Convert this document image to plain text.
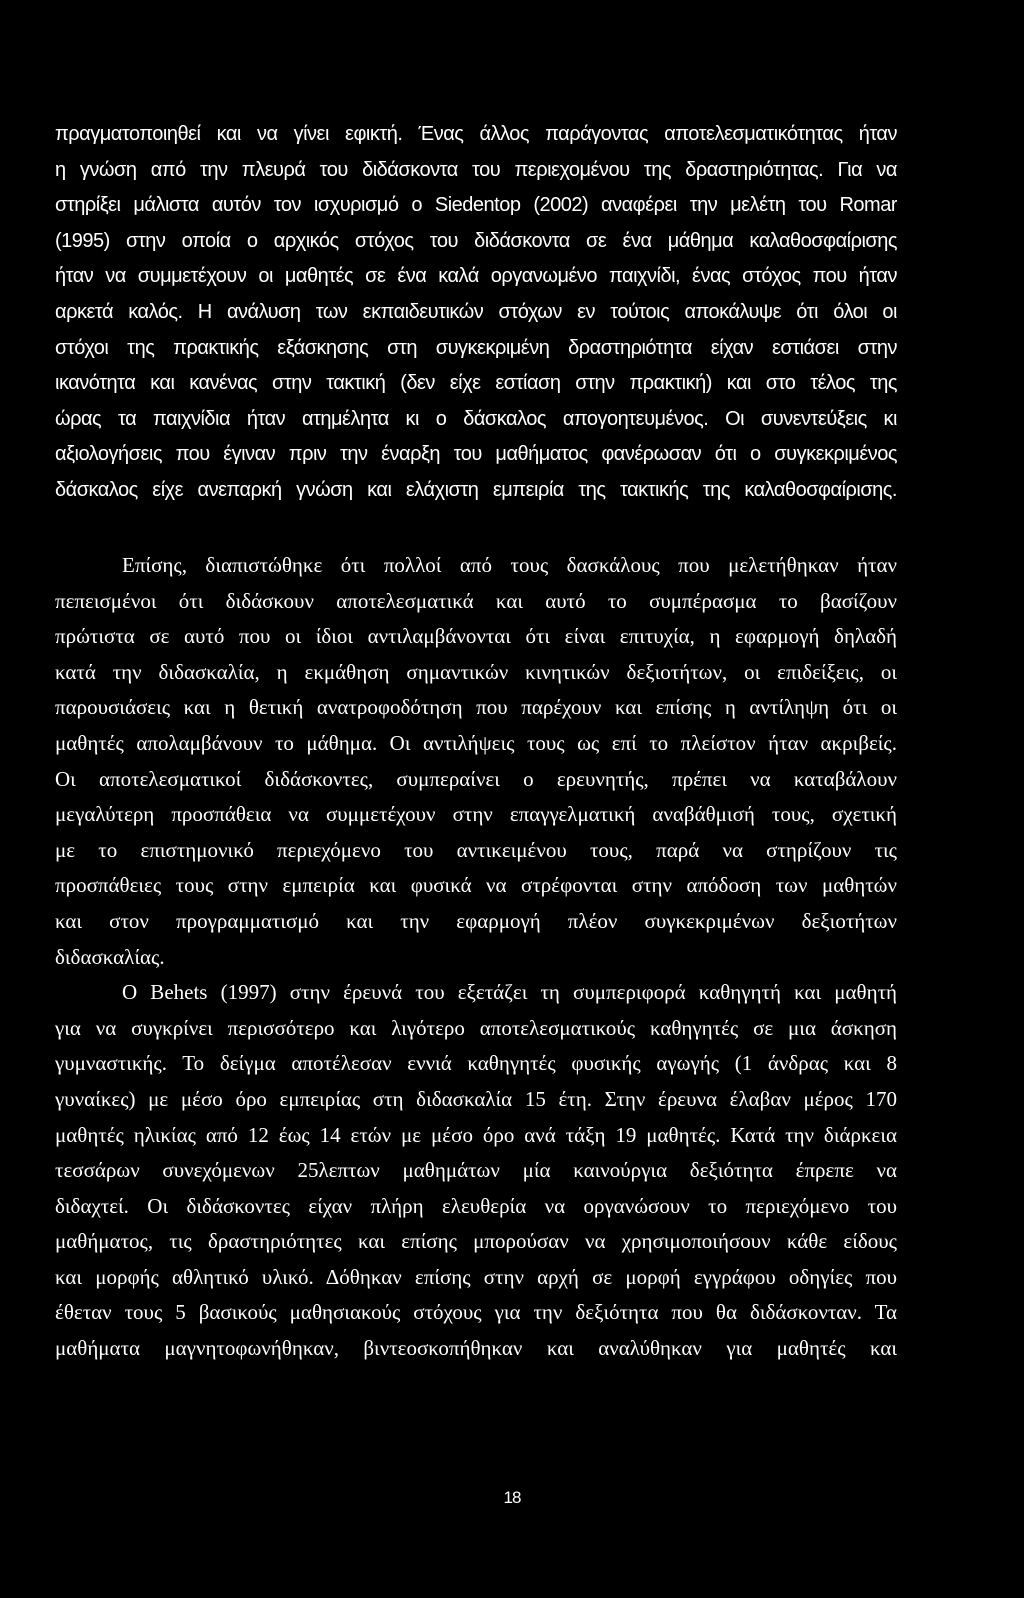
πραγματοποιηθεί και να γίνει εφικτή. Ένας άλλος παράγοντας αποτελεσματικότητας ήταν
η γνώση από την πλευρά του διδάσκοντα του περιεχομένου της δραστηριότητας. Για να
στηρίξει μάλιστα αυτόν τον ισχυρισμό ο Siedentop (2002) αναφέρει την μελέτη του Romar
(1995) στην οποία ο αρχικός στόχος του διδάσκοντα σε ένα μάθημα καλαθοσφαίρισης
ήταν να συμμετέχουν οι μαθητές σε ένα καλά οργανωμένο παιχνίδι, ένας στόχος που ήταν
αρκετά καλός. Η ανάλυση των εκπαιδευτικών στόχων εν τούτοις αποκάλυψε ότι όλοι οι
στόχοι της πρακτικής εξάσκησης στη συγκεκριμένη δραστηριότητα είχαν εστιάσει στην
ικανότητα και κανένας στην τακτική (δεν είχε εστίαση στην πρακτική) και στο τέλος της
ώρας τα παιχνίδια ήταν ατημέλητα κι ο δάσκαλος απογοητευμένος. Οι συνεντεύξεις κι
αξιολογήσεις που έγιναν πριν την έναρξη του μαθήματος φανέρωσαν ότι ο συγκεκριμένος
δάσκαλος είχε ανεπαρκή γνώση και ελάχιστη εμπειρία της τακτικής της καλαθοσφαίρισης.
Επίσης, διαπιστώθηκε ότι πολλοί από τους δασκάλους που μελετήθηκαν ήταν
πεπεισμένοι ότι διδάσκουν αποτελεσματικά και αυτό το συμπέρασμα το βασίζουν
πρώτιστα σε αυτό που οι ίδιοι αντιλαμβάνονται ότι είναι επιτυχία, η εφαρμογή δηλαδή
κατά την διδασκαλία, η εκμάθηση σημαντικών κινητικών δεξιοτήτων, οι επιδείξεις, οι
παρουσιάσεις και η θετική ανατροφοδότηση που παρέχουν και επίσης η αντίληψη ότι οι
μαθητές απολαμβάνουν το μάθημα. Οι αντιλήψεις τους ως επί το πλείστον ήταν ακριβείς.
Οι αποτελεσματικοί διδάσκοντες, συμπεραίνει ο ερευνητής, πρέπει να καταβάλουν
μεγαλύτερη προσπάθεια να συμμετέχουν στην επαγγελματική αναβάθμισή τους, σχετική
με το επιστημονικό περιεχόμενο του αντικειμένου τους, παρά να στηρίζουν τις
προσπάθειες τους στην εμπειρία και φυσικά να στρέφονται στην απόδοση των μαθητών
και στον προγραμματισμό και την εφαρμογή πλέον συγκεκριμένων δεξιοτήτων
διδασκαλίας.
Ο Behets (1997) στην έρευνά του εξετάζει τη συμπεριφορά καθηγητή και μαθητή
για να συγκρίνει περισσότερο και λιγότερο αποτελεσματικούς καθηγητές σε μια άσκηση
γυμναστικής. Το δείγμα αποτέλεσαν εννιά καθηγητές φυσικής αγωγής (1 άνδρας και 8
γυναίκες) με μέσο όρο εμπειρίας στη διδασκαλία 15 έτη. Στην έρευνα έλαβαν μέρος 170
μαθητές ηλικίας από 12 έως 14 ετών με μέσο όρο ανά τάξη 19 μαθητές. Κατά την διάρκεια
τεσσάρων συνεχόμενων 25λεπτων μαθημάτων μία καινούργια δεξιότητα έπρεπε να
διδαχτεί. Οι διδάσκοντες είχαν πλήρη ελευθερία να οργανώσουν το περιεχόμενο του
μαθήματος, τις δραστηριότητες και επίσης μπορούσαν να χρησιμοποιήσουν κάθε είδους
και μορφής αθλητικό υλικό. Δόθηκαν επίσης στην αρχή σε μορφή εγγράφου οδηγίες που
έθεταν τους 5 βασικούς μαθησιακούς στόχους για την δεξιότητα που θα διδάσκονταν. Τα
μαθήματα μαγνητοφωνήθηκαν, βιντεοσκοπήθηκαν και αναλύθηκαν για μαθητές και
18
